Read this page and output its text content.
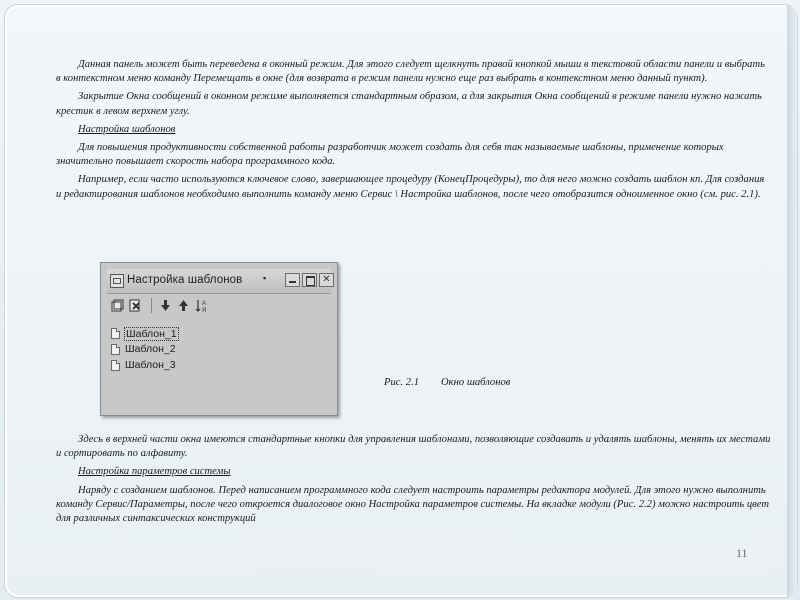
Данная панель может быть переведена в оконный режим. Для этого следует щелкнуть правой кнопкой мыши в текстовой области панели и выбрать в контекстном меню команду Перемещать в окне (для возврата в режим панели нужно еще раз выбрать в контекстном меню данный пункт).

Закрытие Окна сообщений в оконном режиме выполняется стандартным образом, а для закрытия Окна сообщений в режиме панели нужно нажать крестик в левом верхнем углу.

Настройка шаблонов

Для повышения продуктивности собственной работы разработчик может создать для себя так называемые шаблоны, применение которых значительно повышает скорость набора программного кода.

Например, если часто используются ключевое слово, завершающее процедуру (КонецПроцедуры), то для него можно создать шаблон кп. Для создания и редактирования шаблонов необходимо выполнить команду меню Сервис \ Настройка шаблонов, после чего отобразится одноименное окно (см. рис. 2.1).

Настройка шаблонов ▪	✕
A
Я
Шаблон_1
Шаблон_2
Шаблон_3
Рис. 2.1 Окно шаблонов

Здесь в верхней части окна имеются стандартные кнопки для управления шаблонами, позволяющие создавать и удалять шаблоны, менять их местами и сортировать по алфавиту.

Настройка параметров системы

Наряду с созданием шаблонов. Перед написанием программного кода следует настроить параметры редактора модулей. Для этого нужно выполнить команду Сервис/Параметры, после чего откроется диалоговое окно Настройка параметров системы. На вкладке модули (Рис. 2.2) можно настроить цвет для различных синтаксических конструкций

11
